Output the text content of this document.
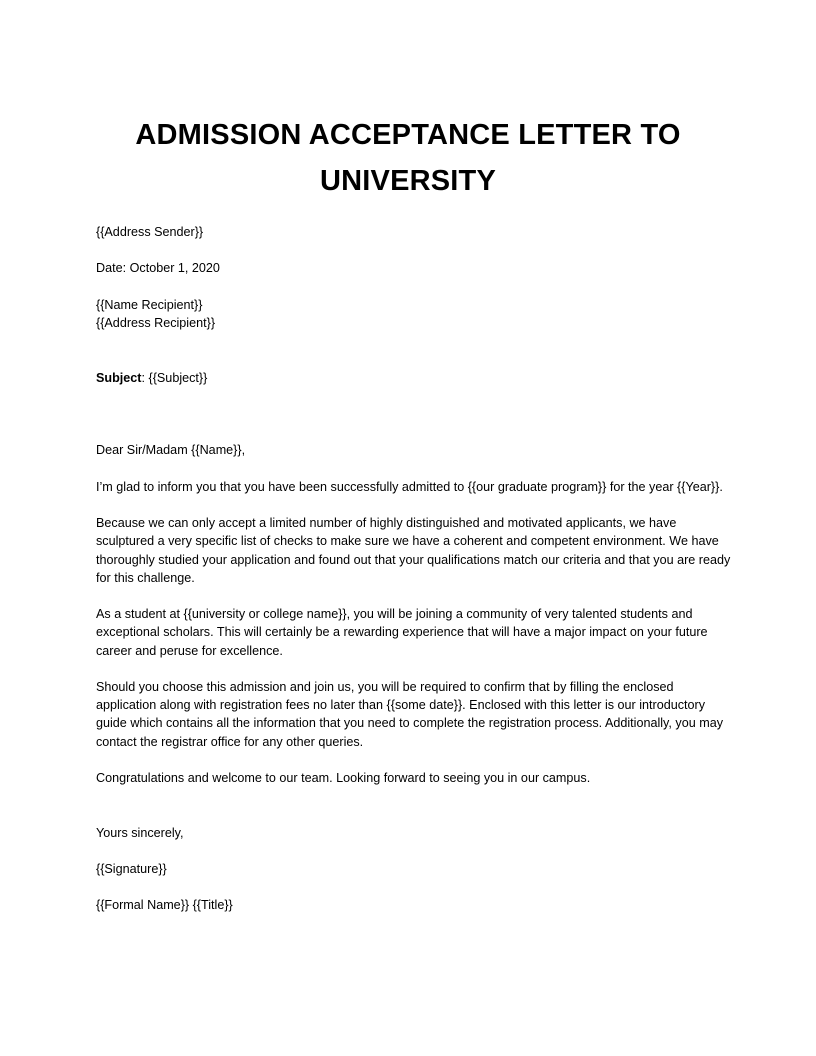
ADMISSION ACCEPTANCE LETTER TO
UNIVERSITY

{{Address Sender}}

Date: October 1, 2020

{{Name Recipient}}
{{Address Recipient}}

Subject: {{Subject}}

Dear Sir/Madam {{Name}},

I’m glad to inform you that you have been successfully admitted to {{our graduate program}} for the year {{Year}}.

Because we can only accept a limited number of highly distinguished and motivated applicants, we have sculptured a very specific list of checks to make sure we have a coherent and competent environment. We have thoroughly studied your application and found out that your qualifications match our criteria and that you are ready for this challenge.

As a student at {{university or college name}}, you will be joining a community of very talented students and exceptional scholars. This will certainly be a rewarding experience that will have a major impact on your future career and peruse for excellence.

Should you choose this admission and join us, you will be required to confirm that by filling the enclosed application along with registration fees no later than {{some date}}. Enclosed with this letter is our introductory guide which contains all the information that you need to complete the registration process. Additionally, you may contact the registrar office for any other queries.

Congratulations and welcome to our team. Looking forward to seeing you in our campus.

Yours sincerely,

{{Signature}}

{{Formal Name}} {{Title}}
